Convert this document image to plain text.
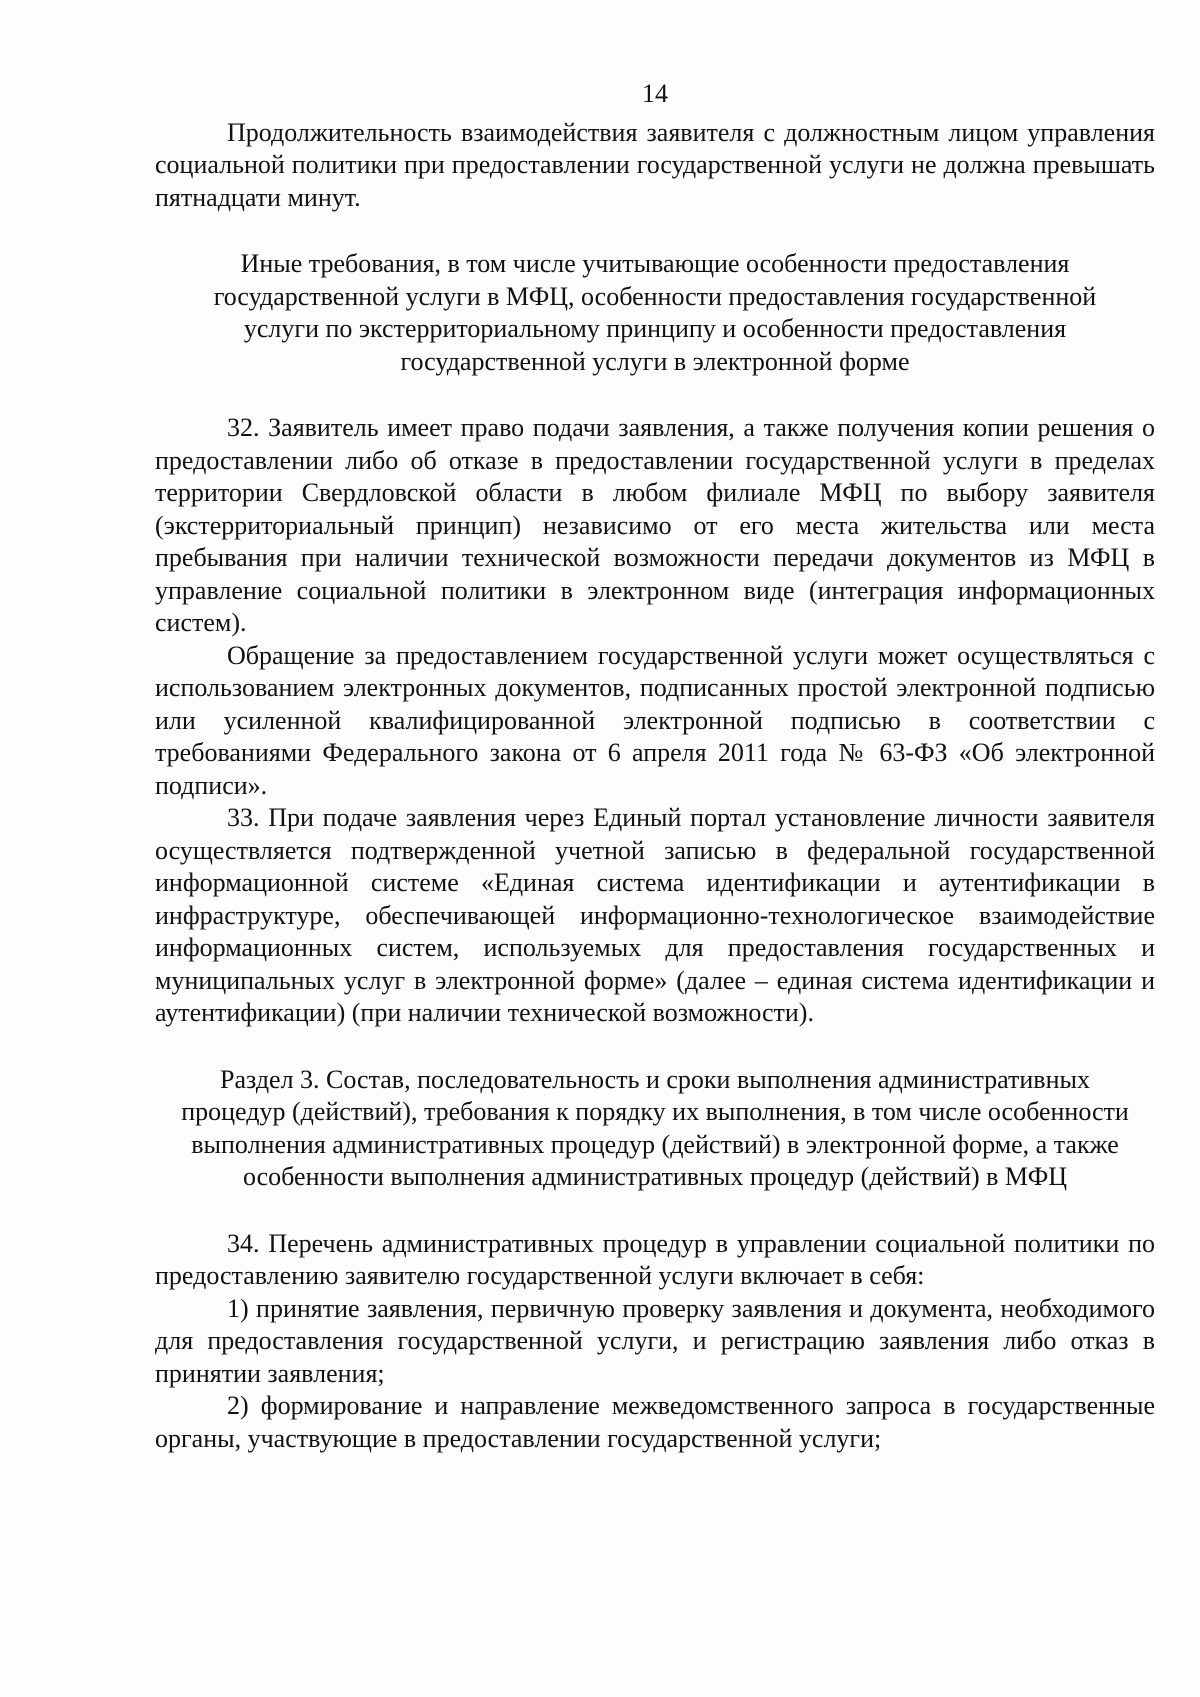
14

Продолжительность взаимодействия заявителя с должностным лицом управления социальной политики при предоставлении государственной услуги не должна превышать пятнадцати минут.

Иные требования, в том числе учитывающие особенности предоставления государственной услуги в МФЦ, особенности предоставления государственной услуги по экстерриториальному принципу и особенности предоставления государственной услуги в электронной форме

32. Заявитель имеет право подачи заявления, а также получения копии решения о предоставлении либо об отказе в предоставлении государственной услуги в пределах территории Свердловской области в любом филиале МФЦ по выбору заявителя (экстерриториальный принцип) независимо от его места жительства или места пребывания при наличии технической возможности передачи документов из МФЦ в управление социальной политики в электронном виде (интеграция информационных систем).

Обращение за предоставлением государственной услуги может осуществляться с использованием электронных документов, подписанных простой электронной подписью или усиленной квалифицированной электронной подписью в соответствии с требованиями Федерального закона от 6 апреля 2011 года № 63-ФЗ «Об электронной подписи».

33. При подаче заявления через Единый портал установление личности заявителя осуществляется подтвержденной учетной записью в федеральной государственной информационной системе «Единая система идентификации и аутентификации в инфраструктуре, обеспечивающей информационно-технологическое взаимодействие информационных систем, используемых для предоставления государственных и муниципальных услуг в электронной форме» (далее – единая система идентификации и аутентификации) (при наличии технической возможности).

Раздел 3. Состав, последовательность и сроки выполнения административных процедур (действий), требования к порядку их выполнения, в том числе особенности выполнения административных процедур (действий) в электронной форме, а также особенности выполнения административных процедур (действий) в МФЦ

34. Перечень административных процедур в управлении социальной политики по предоставлению заявителю государственной услуги включает в себя:

1) принятие заявления, первичную проверку заявления и документа, необходимого для предоставления государственной услуги, и регистрацию заявления либо отказ в принятии заявления;

2) формирование и направление межведомственного запроса в государственные органы, участвующие в предоставлении государственной услуги;
